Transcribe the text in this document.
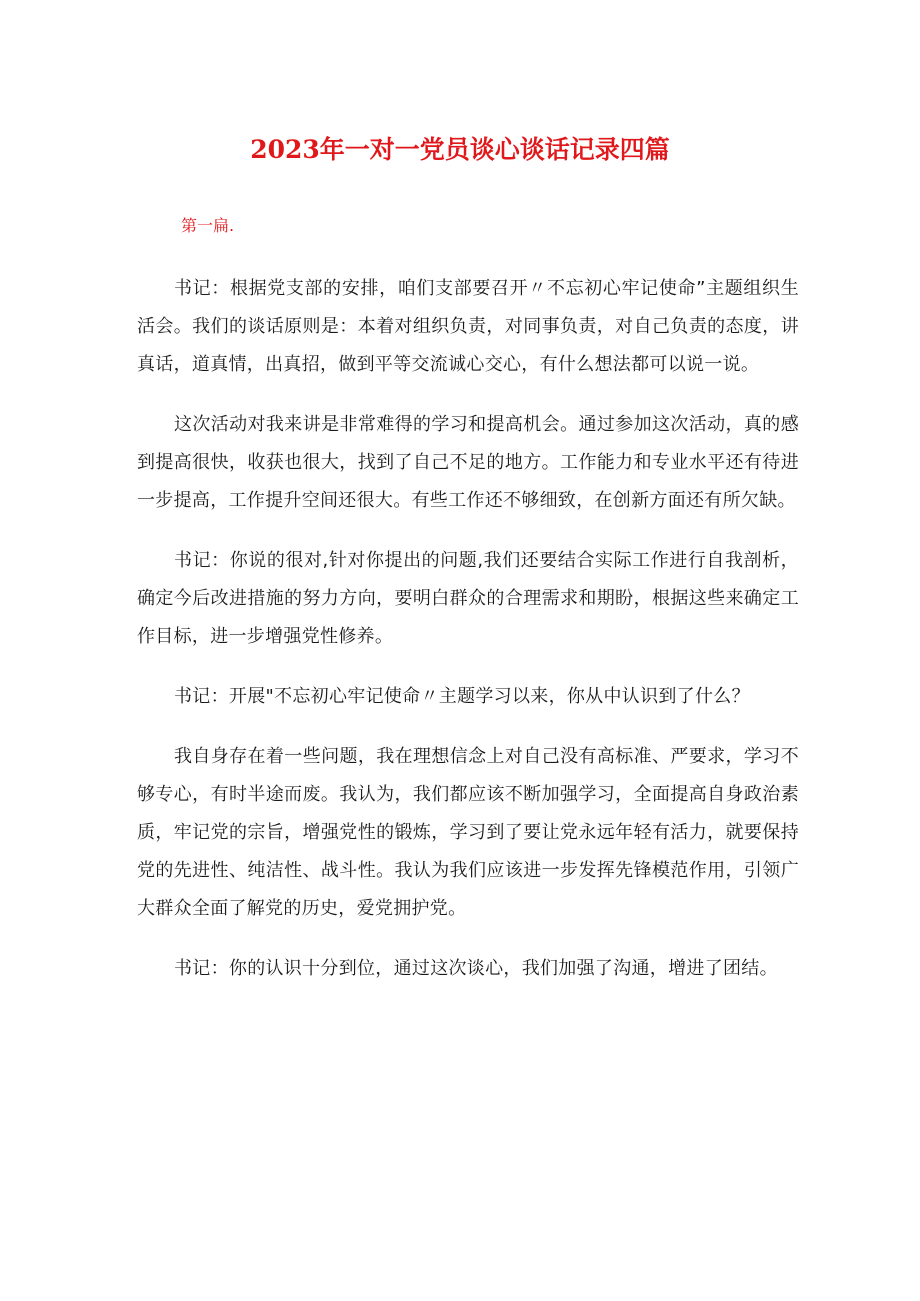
2023年一对一党员谈心谈话记录四篇
第一扁.

书记：根据党支部的安排，咱们支部要召开〃不忘初心牢记使命”主题组织生活会。我们的谈话原则是：本着对组织负责，对同事负责，对自己负责的态度，讲真话，道真情，出真招，做到平等交流诚心交心，有什么想法都可以说一说。

这次活动对我来讲是非常难得的学习和提高机会。通过参加这次活动，真的感到提高很快，收获也很大，找到了自己不足的地方。工作能力和专业水平还有待进一步提高，工作提升空间还很大。有些工作还不够细致，在创新方面还有所欠缺。

书记：你说的很对,针对你提出的问题,我们还要结合实际工作进行自我剖析，确定今后改进措施的努力方向，要明白群众的合理需求和期盼，根据这些来确定工作目标，进一步增强党性修养。

书记：开展"不忘初心牢记使命〃主题学习以来，你从中认识到了什么？

我自身存在着一些问题，我在理想信念上对自己没有高标准、严要求，学习不够专心，有时半途而废。我认为，我们都应该不断加强学习，全面提高自身政治素质，牢记党的宗旨，增强党性的锻炼，学习到了要让党永远年轻有活力，就要保持党的先进性、纯洁性、战斗性。我认为我们应该进一步发挥先锋模范作用，引领广大群众全面了解党的历史，爱党拥护党。

书记：你的认识十分到位，通过这次谈心，我们加强了沟通，增进了团结。
